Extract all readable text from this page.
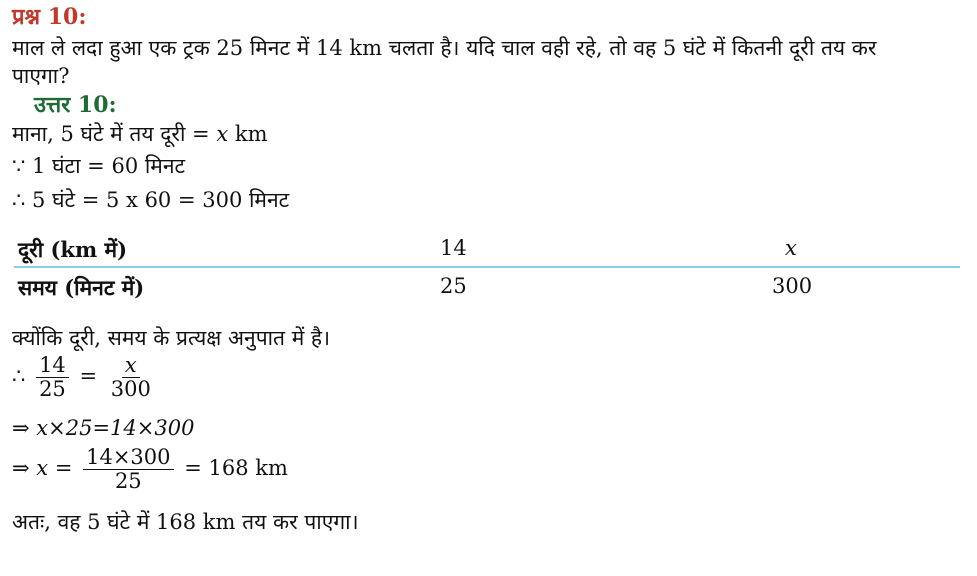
प्रश्न 10:
माल ले लदा हुआ एक ट्रक 25 मिनट में 14 km चलता है। यदि चाल वही रहे, तो वह 5 घंटे में कितनी दूरी तय कर
पाएगा?
उत्तर 10:
माना, 5 घंटे में तय दूरी = x km
∵ 1 घंटा = 60 मिनट
∴ 5 घंटे = 5 x 60 = 300 मिनट
दूरी (km में)	14	x
समय (मिनट में)	25	300
क्योंकि दूरी, समय के प्रत्यक्ष अनुपात में है।
∴ $\frac{14}{25} = \frac{x}{300}$
⇒ x×25=14×300
⇒ $x = \frac{14\times 300}{25} = 168$ km
अतः, वह 5 घंटे में 168 km तय कर पाएगा।
